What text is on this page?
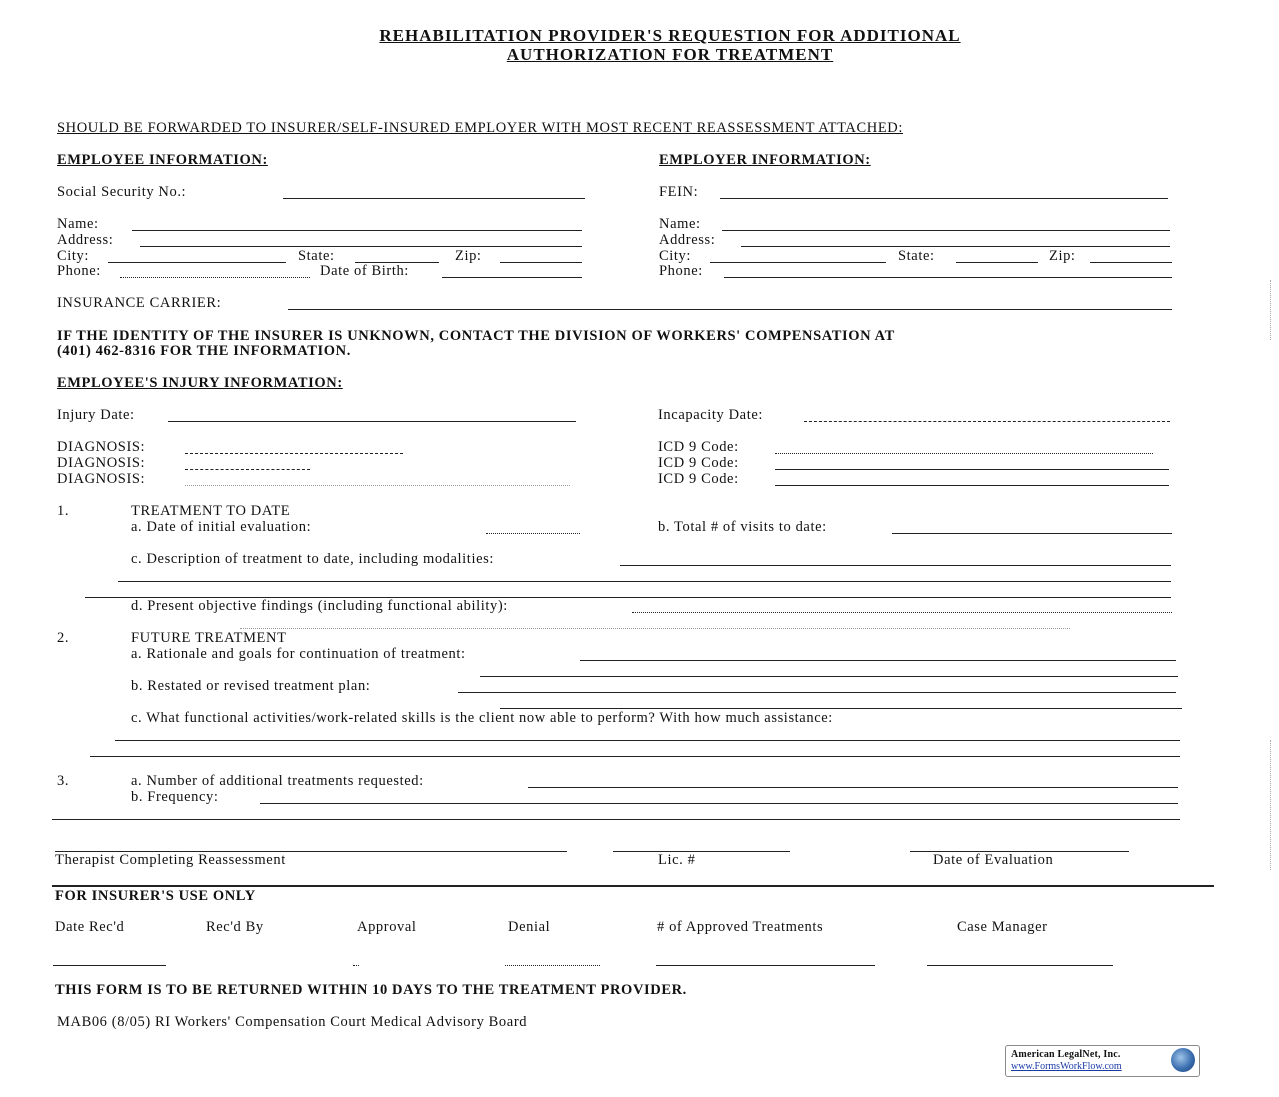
REHABILITATION PROVIDER'S REQUESTION FOR ADDITIONAL
AUTHORIZATION FOR TREATMENT
SHOULD BE FORWARDED TO INSURER/SELF-INSURED EMPLOYER WITH MOST RECENT REASSESSMENT ATTACHED:
EMPLOYEE INFORMATION:
Social Security No.:
Name:
Address:
City:	State:	Zip:
Phone:	Date of Birth:
EMPLOYER INFORMATION:
FEIN:
Name:
Address:
City:	State:	Zip:
Phone:
INSURANCE CARRIER:
IF THE IDENTITY OF THE INSURER IS UNKNOWN, CONTACT THE DIVISION OF WORKERS' COMPENSATION AT
(401) 462-8316 FOR THE INFORMATION.
EMPLOYEE'S INJURY INFORMATION:
Injury Date:	Incapacity Date:
DIAGNOSIS:
DIAGNOSIS:
DIAGNOSIS:
ICD 9 Code:
ICD 9 Code:
ICD 9 Code:
1.	TREATMENT TO DATE
a. Date of initial evaluation:	b. Total # of visits to date:
c. Description of treatment to date, including modalities:
d. Present objective findings (including functional ability):
2.	FUTURE TREATMENT
a. Rationale and goals for continuation of treatment:
b. Restated or revised treatment plan:
c. What functional activities/work-related skills is the client now able to perform? With how much assistance:
3.	a. Number of additional treatments requested:
b. Frequency:
Therapist Completing Reassessment	Lic. #	Date of Evaluation
FOR INSURER'S USE ONLY
Date Rec'd	Rec'd By	Approval	Denial	# of Approved Treatments	Case Manager
THIS FORM IS TO BE RETURNED WITHIN 10 DAYS TO THE TREATMENT PROVIDER.
MAB06 (8/05) RI Workers' Compensation Court Medical Advisory Board
American LegalNet, Inc.
www.FormsWorkFlow.com
